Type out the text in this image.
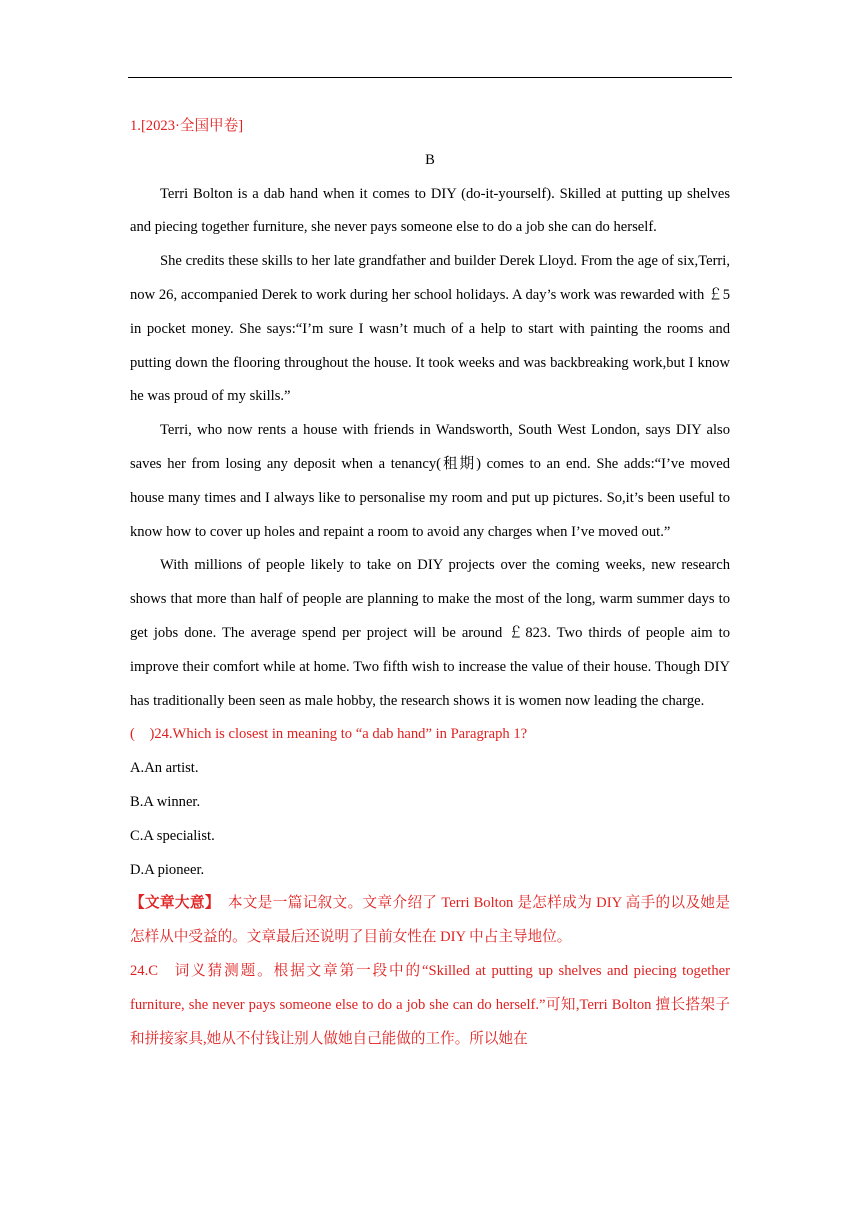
1.[2023·全国甲卷]

B

Terri Bolton is a dab hand when it comes to DIY (do-it-yourself). Skilled at putting up shelves and piecing together furniture, she never pays someone else to do a job she can do herself.

She credits these skills to her late grandfather and builder Derek Lloyd. From the age of six,Terri, now 26, accompanied Derek to work during her school holidays. A day’s work was rewarded with ￡5 in pocket money. She says:“I’m sure I wasn’t much of a help to start with painting the rooms and putting down the flooring throughout the house. It took weeks and was backbreaking work,but I know he was proud of my skills.”

Terri, who now rents a house with friends in Wandsworth, South West London, says DIY also saves her from losing any deposit when a tenancy(租期) comes to an end. She adds:“I’ve moved house many times and I always like to personalise my room and put up pictures. So,it’s been useful to know how to cover up holes and repaint a room to avoid any charges when I’ve moved out.”

With millions of people likely to take on DIY projects over the coming weeks, new research shows that more than half of people are planning to make the most of the long, warm summer days to get jobs done. The average spend per project will be around ￡823. Two thirds of people aim to improve their comfort while at home. Two fifth wish to increase the value of their house. Though DIY has traditionally been seen as male hobby, the research shows it is women now leading the charge.

(    )24.Which is closest in meaning to “a dab hand” in Paragraph 1?

A.An artist.

B.A winner.

C.A specialist.

D.A pioneer.

【文章大意】 本文是一篇记叙文。文章介绍了 Terri Bolton 是怎样成为 DIY 高手的以及她是怎样从中受益的。文章最后还说明了目前女性在 DIY 中占主导地位。

24.C 词义猜测题。根据文章第一段中的“Skilled at putting up shelves and piecing together furniture, she never pays someone else to do a job she can do herself.”可知,Terri Bolton 擅长搭架子和拼接家具,她从不付钱让别人做她自己能做的工作。所以她在
